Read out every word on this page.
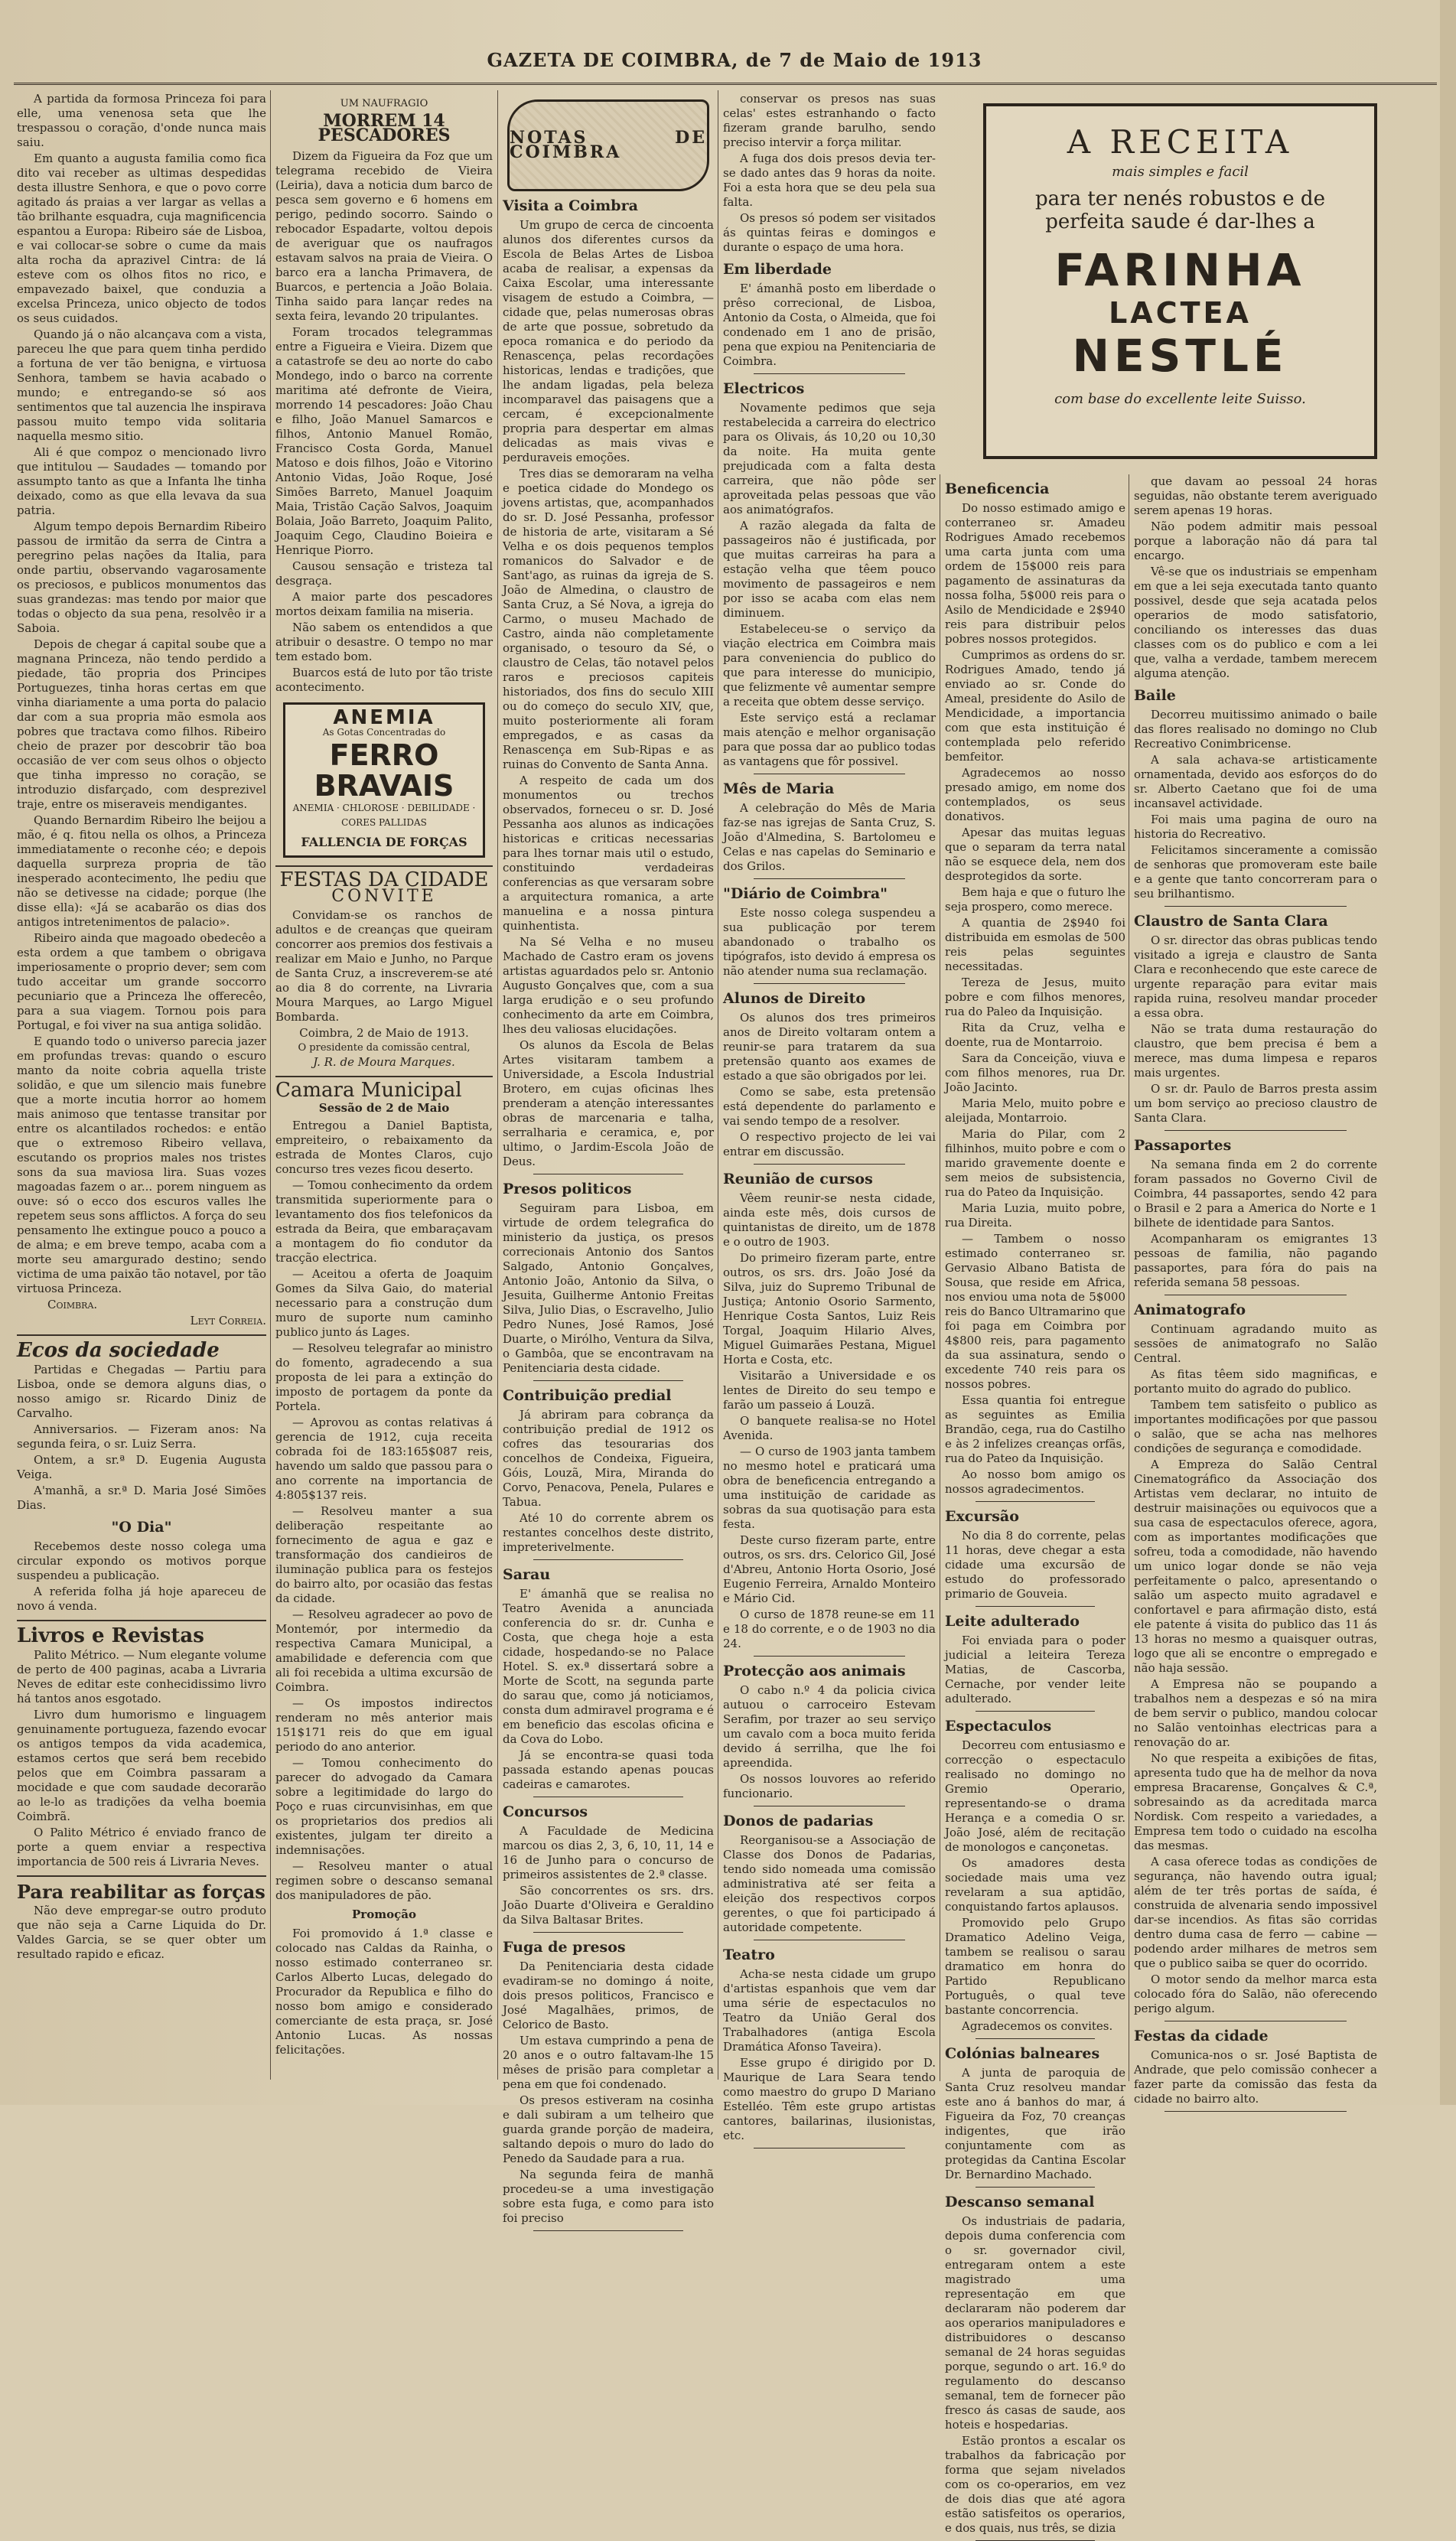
GAZETA DE COIMBRA, de 7 de Maio de 1913

A partida da formosa Princeza foi para elle, uma venenosa seta que lhe trespassou o coração, d'onde nunca mais saiu.

Em quanto a augusta familia como fica dito vai receber as ultimas despedidas desta illustre Senhora, e que o povo corre agitado ás praias a ver largar as vellas a tão brilhante esquadra, cuja magnificencia espantou a Europa: Ribeiro sáe de Lisboa, e vai collocar-se sobre o cume da mais alta rocha da aprazivel Cintra: de lá esteve com os olhos fitos no rico, e empavezado baixel, que conduzia a excelsa Princeza, unico objecto de todos os seus cuidados.

Quando já o não alcançava com a vista, pareceu lhe que para quem tinha perdido a fortuna de ver tão benigna, e virtuosa Senhora, tambem se havia acabado o mundo; e entregando-se só aos sentimentos que tal auzencia lhe inspirava passou muito tempo vida solitaria naquella mesmo sitio.

Ali é que compoz o mencionado livro que intitulou — Saudades — tomando por assumpto tanto as que a Infanta lhe tinha deixado, como as que ella levava da sua patria.

Algum tempo depois Bernardim Ribeiro passou de irmitão da serra de Cintra a peregrino pelas nações da Italia, para onde partiu, observando vagarosamente os preciosos, e publicos monumentos das suas grandezas: mas tendo por maior que todas o objecto da sua pena, resolvêo ir a Saboia.

Depois de chegar á capital soube que a magnana Princeza, não tendo perdido a piedade, tão propria dos Principes Portuguezes, tinha horas certas em que vinha diariamente a uma porta do palacio dar com a sua propria mão esmola aos pobres que tractava como filhos. Ribeiro cheio de prazer por descobrir tão boa occasião de ver com seus olhos o objecto que tinha impresso no coração, se introduzio disfarçado, com desprezivel traje, entre os miseraveis mendigantes.

Quando Bernardim Ribeiro lhe beijou a mão, é q. fitou nella os olhos, a Princeza immediatamente o reconhe céo; e depois daquella surpreza propria de tão inesperado acontecimento, lhe pediu que não se detivesse na cidade; porque (lhe disse ella): «Já se acabarão os dias dos antigos intretenimentos de palacio».

Ribeiro ainda que magoado obedecêo a esta ordem a que tambem o obrigava imperiosamente o proprio dever; sem com tudo acceitar um grande soccorro pecuniario que a Princeza lhe offerecêo, para a sua viagem. Tornou pois para Portugal, e foi viver na sua antiga solidão.

E quando todo o universo parecia jazer em profundas trevas: quando o escuro manto da noite cobria aquella triste solidão, e que um silencio mais funebre que a morte incutia horror ao homem mais animoso que tentasse transitar por entre os alcantilados rochedos: e então que o extremoso Ribeiro vellava, escutando os proprios males nos tristes sons da sua maviosa lira. Suas vozes magoadas fazem o ar... porem ninguem as ouve: só o ecco dos escuros valles lhe repetem seus sons afflictos. A força do seu pensamento lhe extingue pouco a pouco a de alma; e em breve tempo, acaba com a morte seu amargurado destino; sendo victima de uma paixão tão notavel, por tão virtuosa Princeza.

Coimbra.
Leyt Correia.
Ecos da sociedade

Partidas e Chegadas — Partiu para Lisboa, onde se demora alguns dias, o nosso amigo sr. Ricardo Diniz de Carvalho.

Anniversarios. — Fizeram anos: Na segunda feira, o sr. Luiz Serra.

Ontem, a sr.ª D. Eugenia Augusta Veiga.

A'manhã, a sr.ª D. Maria José Simões Dias.

"O Dia"

Recebemos deste nosso colega uma circular expondo os motivos porque suspendeu a publicação.

A referida folha já hoje apareceu de novo á venda.

Livros e Revistas

Palito Métrico. — Num elegante volume de perto de 400 paginas, acaba a Livraria Neves de editar este conhecidissimo livro há tantos anos esgotado.

Livro dum humorismo e linguagem genuinamente portugueza, fazendo evocar os antigos tempos da vida academica, estamos certos que será bem recebido pelos que em Coimbra passaram a mocidade e que com saudade decorarão ao le-lo as tradições da velha boemia Coimbrã.

O Palito Métrico é enviado franco de porte a quem enviar a respectiva importancia de 500 reis á Livraria Neves.

Para reabilitar as forças

Não deve empregar-se outro produto que não seja a Carne Liquida do Dr. Valdes Garcia, se se quer obter um resultado rapido e eficaz.

UM NAUFRAGIO
MORREM 14 PESCADORES

Dizem da Figueira da Foz que um telegrama recebido de Vieira (Leiria), dava a noticia dum barco de pesca sem governo e 6 homens em perigo, pedindo socorro. Saindo o rebocador Espadarte, voltou depois de averiguar que os naufragos estavam salvos na praia de Vieira. O barco era a lancha Primavera, de Buarcos, e pertencia a João Bolaia. Tinha saido para lançar redes na sexta feira, levando 20 tripulantes.

Foram trocados telegrammas entre a Figueira e Vieira. Dizem que a catastrofe se deu ao norte do cabo Mondego, indo o barco na corrente maritima até defronte de Vieira, morrendo 14 pescadores: João Chau e filho, João Manuel Samarcos e filhos, Antonio Manuel Romão, Francisco Costa Gorda, Manuel Matoso e dois filhos, João e Vitorino Antonio Vidas, João Roque, José Simões Barreto, Manuel Joaquim Maia, Tristão Cação Salvos, Joaquim Bolaia, João Barreto, Joaquim Palito, Joaquim Cego, Claudino Boieira e Henrique Piorro.

Causou sensação e tristeza tal desgraça.

A maior parte dos pescadores mortos deixam familia na miseria.

Não sabem os entendidos a que atribuir o desastre. O tempo no mar tem estado bom.

Buarcos está de luto por tão triste acontecimento.

ANEMIA
As Gotas Concentradas do
FERRO BRAVAIS
ANEMIA · CHLOROSE · DEBILIDADE · CORES PALLIDAS
FALLENCIA DE FORÇAS
FESTAS DA CIDADE
CONVITE

Convidam-se os ranchos de adultos e de creanças que queiram concorrer aos premios dos festivais a realizar em Maio e Junho, no Parque de Santa Cruz, a inscreverem-se até ao dia 8 do corrente, na Livraria Moura Marques, ao Largo Miguel Bombarda.

Coimbra, 2 de Maio de 1913.
O presidente da comissão central,
J. R. de Moura Marques.
Camara Municipal
Sessão de 2 de Maio

Entregou a Daniel Baptista, empreiteiro, o rebaixamento da estrada de Montes Claros, cujo concurso tres vezes ficou deserto.

— Tomou conhecimento da ordem transmitida superiormente para o levantamento dos fios telefonicos da estrada da Beira, que embaraçavam a montagem do fio condutor da tracção electrica.

— Aceitou a oferta de Joaquim Gomes da Silva Gaio, do material necessario para a construção dum muro de suporte num caminho publico junto ás Lages.

— Resolveu telegrafar ao ministro do fomento, agradecendo a sua proposta de lei para a extinção do imposto de portagem da ponte da Portela.

— Aprovou as contas relativas á gerencia de 1912, cuja receita cobrada foi de 183:165$087 reis, havendo um saldo que passou para o ano corrente na importancia de 4:805$137 reis.

— Resolveu manter a sua deliberação respeitante ao fornecimento de agua e gaz e transformação dos candieiros de iluminação publica para os festejos do bairro alto, por ocasião das festas da cidade.

— Resolveu agradecer ao povo de Montemór, por intermedio da respectiva Camara Municipal, a amabilidade e deferencia com que ali foi recebida a ultima excursão de Coimbra.

— Os impostos indirectos renderam no mês anterior mais 151$171 reis do que em igual periodo do ano anterior.

— Tomou conhecimento do parecer do advogado da Camara sobre a legitimidade do largo do Poço e ruas circunvisinhas, em que os proprietarios dos predios ali existentes, julgam ter direito a indemnisações.

— Resolveu manter o atual regimen sobre o descanso semanal dos manipuladores de pão.

Promoção

Foi promovido á 1.ª classe e colocado nas Caldas da Rainha, o nosso estimado conterraneo sr. Carlos Alberto Lucas, delegado do Procurador da Republica e filho do nosso bom amigo e considerado comerciante de esta praça, sr. José Antonio Lucas. As nossas felicitações.

NOTAS DE COIMBRA
Visita a Coimbra

Um grupo de cerca de cincoenta alunos dos diferentes cursos da Escola de Belas Artes de Lisboa acaba de realisar, a expensas da Caixa Escolar, uma interessante visagem de estudo a Coimbra, — cidade que, pelas numerosas obras de arte que possue, sobretudo da epoca romanica e do periodo da Renascença, pelas recordações historicas, lendas e tradições, que lhe andam ligadas, pela beleza incomparavel das paisagens que a cercam, é excepcionalmente propria para despertar em almas delicadas as mais vivas e perduraveis emoções.

Tres dias se demoraram na velha e poetica cidade do Mondego os jovens artistas, que, acompanhados do sr. D. José Pessanha, professor de historia de arte, visitaram a Sé Velha e os dois pequenos templos romanicos do Salvador e de Sant'ago, as ruinas da igreja de S. João de Almedina, o claustro de Santa Cruz, a Sé Nova, a igreja do Carmo, o museu Machado de Castro, ainda não completamente organisado, o tesouro da Sé, o claustro de Celas, tão notavel pelos raros e preciosos capiteis historiados, dos fins do seculo XIII ou do começo do seculo XIV, que, muito posteriormente ali foram empregados, e as casas da Renascença em Sub-Ripas e as ruinas do Convento de Santa Anna.

A respeito de cada um dos monumentos ou trechos observados, forneceu o sr. D. José Pessanha aos alunos as indicações historicas e criticas necessarias para lhes tornar mais util o estudo, constituindo verdadeiras conferencias as que versaram sobre a arquitectura romanica, a arte manuelina e a nossa pintura quinhentista.

Na Sé Velha e no museu Machado de Castro eram os jovens artistas aguardados pelo sr. Antonio Augusto Gonçalves que, com a sua larga erudição e o seu profundo conhecimento da arte em Coimbra, lhes deu valiosas elucidações.

Os alunos da Escola de Belas Artes visitaram tambem a Universidade, a Escola Industrial Brotero, em cujas oficinas lhes prenderam a atenção interessantes obras de marcenaria e talha, serralharia e ceramica, e, por ultimo, o Jardim-Escola João de Deus.

Presos politicos

Seguiram para Lisboa, em virtude de ordem telegrafica do ministerio da justiça, os presos correcionais Antonio dos Santos Salgado, Antonio Gonçalves, Antonio João, Antonio da Silva, o Jesuita, Guilherme Antonio Freitas Silva, Julio Dias, o Escravelho, Julio Pedro Nunes, José Ramos, José Duarte, o Mirólho, Ventura da Silva, o Gambôa, que se encontravam na Penitenciaria desta cidade.

Contribuição predial

Já abriram para cobrança da contribuição predial de 1912 os cofres das tesourarias dos concelhos de Condeixa, Figueira, Góis, Louzã, Mira, Miranda do Corvo, Penacova, Penela, Pulares e Tabua.

Até 10 do corrente abrem os restantes concelhos deste distrito, impreterivelmente.

Sarau

E' ámanhã que se realisa no Teatro Avenida a anunciada conferencia do sr. dr. Cunha e Costa, que chega hoje a esta cidade, hospedando-se no Palace Hotel. S. ex.ª dissertará sobre a Morte de Scott, na segunda parte do sarau que, como já noticiamos, consta dum admiravel programa e é em beneficio das escolas oficina e da Cova do Lobo.

Já se encontra-se quasi toda passada estando apenas poucas cadeiras e camarotes.

Concursos

A Faculdade de Medicina marcou os dias 2, 3, 6, 10, 11, 14 e 16 de Junho para o concurso de primeiros assistentes de 2.ª classe.

São concorrentes os srs. drs. João Duarte d'Oliveira e Geraldino da Silva Baltasar Brites.

Fuga de presos

Da Penitenciaria desta cidade evadiram-se no domingo á noite, dois presos politicos, Francisco e José Magalhães, primos, de Celorico de Basto.

Um estava cumprindo a pena de 20 anos e o outro faltavam-lhe 15 mêses de prisão para completar a pena em que foi condenado.

Os presos estiveram na cosinha e dali subiram a um telheiro que guarda grande porção de madeira, saltando depois o muro do lado do Penedo da Saudade para a rua.

Na segunda feira de manhã procedeu-se a uma investigação sobre esta fuga, e como para isto foi preciso

conservar os presos nas suas celas' estes estranhando o facto fizeram grande barulho, sendo preciso intervir a força militar.

A fuga dos dois presos devia ter-se dado antes das 9 horas da noite. Foi a esta hora que se deu pela sua falta.

Os presos só podem ser visitados ás quintas feiras e domingos e durante o espaço de uma hora.

Em liberdade

E' ámanhã posto em liberdade o prêso correcional, de Lisboa, Antonio da Costa, o Almeida, que foi condenado em 1 ano de prisão, pena que expiou na Penitenciaria de Coimbra.

Electricos

Novamente pedimos que seja restabelecida a carreira do electrico para os Olivais, ás 10,20 ou 10,30 da noite. Ha muita gente prejudicada com a falta desta carreira, que não pôde ser aproveitada pelas pessoas que vão aos animatógrafos.

A razão alegada da falta de passageiros não é justificada, por que muitas carreiras ha para a estação velha que têem pouco movimento de passageiros e nem por isso se acaba com elas nem diminuem.

Estabeleceu-se o serviço da viação electrica em Coimbra mais para conveniencia do publico do que para interesse do municipio, que felizmente vê aumentar sempre a receita que obtem desse serviço.

Este serviço está a reclamar mais atenção e melhor organisação para que possa dar ao publico todas as vantagens que fôr possivel.

Mês de Maria

A celebração do Mês de Maria faz-se nas igrejas de Santa Cruz, S. João d'Almedina, S. Bartolomeu e Celas e nas capelas do Seminario e dos Grilos.

"Diário de Coimbra"

Este nosso colega suspendeu a sua publicação por terem abandonado o trabalho os tipógrafos, isto devido á empresa os não atender numa sua reclamação.

Alunos de Direito

Os alunos dos tres primeiros anos de Direito voltaram ontem a reunir-se para tratarem da sua pretensão quanto aos exames de estado a que são obrigados por lei.

Como se sabe, esta pretensão está dependente do parlamento e vai sendo tempo de a resolver.

O respectivo projecto de lei vai entrar em discussão.

Reunião de cursos

Vêem reunir-se nesta cidade, ainda este mês, dois cursos de quintanistas de direito, um de 1878 e o outro de 1903.

Do primeiro fizeram parte, entre outros, os srs. drs. João José da Silva, juiz do Supremo Tribunal de Justiça; Antonio Osorio Sarmento, Henrique Costa Santos, Luiz Reis Torgal, Joaquim Hilario Alves, Miguel Guimarães Pestana, Miguel Horta e Costa, etc.

Visitarão a Universidade e os lentes de Direito do seu tempo e farão um passeio á Louzã.

O banquete realisa-se no Hotel Avenida.

— O curso de 1903 janta tambem no mesmo hotel e praticará uma obra de beneficencia entregando a uma instituição de caridade as sobras da sua quotisação para esta festa.

Deste curso fizeram parte, entre outros, os srs. drs. Celorico Gil, José d'Abreu, Antonio Horta Osorio, José Eugenio Ferreira, Arnaldo Monteiro e Mário Cid.

O curso de 1878 reune-se em 11 e 18 do corrente, e o de 1903 no dia 24.

Protecção aos animais

O cabo n.º 4 da policia civica autuou o carroceiro Estevam Serafim, por trazer ao seu serviço um cavalo com a boca muito ferida devido á serrilha, que lhe foi apreendida.

Os nossos louvores ao referido funcionario.

Donos de padarias

Reorganisou-se a Associação de Classe dos Donos de Padarias, tendo sido nomeada uma comissão administrativa até ser feita a eleição dos respectivos corpos gerentes, o que foi participado á autoridade competente.

Teatro

Acha-se nesta cidade um grupo d'artistas espanhois que vem dar uma série de espectaculos no Teatro da União Geral dos Trabalhadores (antiga Escola Dramática Afonso Taveira).

Esse grupo é dirigido por D. Maurique de Lara Seara tendo como maestro do grupo D Mariano Estelléo. Têm este grupo artistas cantores, bailarinas, ilusionistas, etc.

A RECEITA
mais simples e facil
para ter nenés robustos e de perfeita saude é dar-lhes a
FARINHA
LACTEA
NESTLÉ
com base do excellente leite Suisso.
Beneficencia

Do nosso estimado amigo e conterraneo sr. Amadeu Rodrigues Amado recebemos uma carta junta com uma ordem de 15$000 reis para pagamento de assinaturas da nossa folha, 5$000 reis para o Asilo de Mendicidade e 2$940 reis para distribuir pelos pobres nossos protegidos.

Cumprimos as ordens do sr. Rodrigues Amado, tendo já enviado ao sr. Conde do Ameal, presidente do Asilo de Mendicidade, a importancia com que esta instituição é contemplada pelo referido bemfeitor.

Agradecemos ao nosso presado amigo, em nome dos contemplados, os seus donativos.

Apesar das muitas leguas que o separam da terra natal não se esquece dela, nem dos desprotegidos da sorte.

Bem haja e que o futuro lhe seja prospero, como merece.

A quantia de 2$940 foi distribuida em esmolas de 500 reis pelas seguintes necessitadas.

Tereza de Jesus, muito pobre e com filhos menores, rua do Paleo da Inquisição.

Rita da Cruz, velha e doente, rua de Montarroio.

Sara da Conceição, viuva e com filhos menores, rua Dr. João Jacinto.

Maria Melo, muito pobre e aleijada, Montarroio.

Maria do Pilar, com 2 filhinhos, muito pobre e com o marido gravemente doente e sem meios de subsistencia, rua do Pateo da Inquisição.

Maria Luzia, muito pobre, rua Direita.

— Tambem o nosso estimado conterraneo sr. Gervasio Albano Batista de Sousa, que reside em Africa, nos enviou uma nota de 5$000 reis do Banco Ultramarino que foi paga em Coimbra por 4$800 reis, para pagamento da sua assinatura, sendo o excedente 740 reis para os nossos pobres.

Essa quantia foi entregue as seguintes as Emilia Brandão, cega, rua do Castilho e às 2 infelizes creanças orfãs, rua do Pateo da Inquisição.

Ao nosso bom amigo os nossos agradecimentos.

Excursão

No dia 8 do corrente, pelas 11 horas, deve chegar a esta cidade uma excursão de estudo do professorado primario de Gouveia.

Leite adulterado

Foi enviada para o poder judicial a leiteira Tereza Matias, de Cascorba, Cernache, por vender leite adulterado.

Espectaculos

Decorreu com entusiasmo e correcção o espectaculo realisado no domingo no Gremio Operario, representando-se o drama Herança e a comedia O sr. João José, além de recitação de monologos e cançonetas.

Os amadores desta sociedade mais uma vez revelaram a sua aptidão, conquistando fartos aplausos.

Promovido pelo Grupo Dramatico Adelino Veiga, tambem se realisou o sarau dramatico em honra do Partido Republicano Português, o qual teve bastante concorrencia.

Agradecemos os convites.

Colónias balneares

A junta de paroquia de Santa Cruz resolveu mandar este ano á banhos do mar, á Figueira da Foz, 70 creanças indigentes, que irão conjuntamente com as protegidas da Cantina Escolar Dr. Bernardino Machado.

Descanso semanal

Os industriais de padaria, depois duma conferencia com o sr. governador civil, entregaram ontem a este magistrado uma representação em que declararam não poderem dar aos operarios manipuladores e distribuidores o descanso semanal de 24 horas seguidas porque, segundo o art. 16.º do regulamento do descanso semanal, tem de fornecer pão fresco ás casas de saude, aos hoteis e hospedarias.

Estão prontos a escalar os trabalhos da fabricação por forma que sejam nivelados com os co-operarios, em vez de dois dias que até agora estão satisfeitos os operarios, e dos quais, nus três, se dizia

que davam ao pessoal 24 horas seguidas, não obstante terem averiguado serem apenas 19 horas.

Não podem admitir mais pessoal porque a laboração não dá para tal encargo.

Vê-se que os industriais se empenham em que a lei seja executada tanto quanto possivel, desde que seja acatada pelos operarios de modo satisfatorio, conciliando os interesses das duas classes com os do publico e com a lei que, valha a verdade, tambem merecem alguma atenção.

Baile

Decorreu muitissimo animado o baile das flores realisado no domingo no Club Recreativo Conimbricense.

A sala achava-se artisticamente ornamentada, devido aos esforços do do sr. Alberto Caetano que foi de uma incansavel actividade.

Foi mais uma pagina de ouro na historia do Recreativo.

Felicitamos sinceramente a comissão de senhoras que promoveram este baile e a gente que tanto concorreram para o seu brilhantismo.

Claustro de Santa Clara

O sr. director das obras publicas tendo visitado a igreja e claustro de Santa Clara e reconhecendo que este carece de urgente reparação para evitar mais rapida ruina, resolveu mandar proceder a essa obra.

Não se trata duma restauração do claustro, que bem precisa é bem a merece, mas duma limpesa e reparos mais urgentes.

O sr. dr. Paulo de Barros presta assim um bom serviço ao precioso claustro de Santa Clara.

Passaportes

Na semana finda em 2 do corrente foram passados no Governo Civil de Coimbra, 44 passaportes, sendo 42 para o Brasil e 2 para a America do Norte e 1 bilhete de identidade para Santos.

Acompanharam os emigrantes 13 pessoas de familia, não pagando passaportes, para fóra do pais na referida semana 58 pessoas.

Animatografo

Continuam agradando muito as sessões de animatografo no Salão Central.

As fitas têem sido magnificas, e portanto muito do agrado do publico.

Tambem tem satisfeito o publico as importantes modificações por que passou o salão, que se acha nas melhores condições de segurança e comodidade.

A Empreza do Salão Central Cinematográfico da Associação dos Artistas vem declarar, no intuito de destruir maisinações ou equivocos que a sua casa de espectaculos oferece, agora, com as importantes modificações que sofreu, toda a comodidade, não havendo um unico logar donde se não veja perfeitamente o palco, apresentando o salão um aspecto muito agradavel e confortavel e para afirmação disto, está ele patente á visita do publico das 11 ás 13 horas no mesmo a quaisquer outras, logo que ali se encontre o empregado e não haja sessão.

A Empresa não se poupando a trabalhos nem a despezas e só na mira de bem servir o publico, mandou colocar no Salão ventoinhas electricas para a renovação do ar.

No que respeita a exibições de fitas, apresenta tudo que ha de melhor da nova empresa Bracarense, Gonçalves & C.ª, sobresaindo as da acreditada marca Nordisk. Com respeito a variedades, a Empresa tem todo o cuidado na escolha das mesmas.

A casa oferece todas as condições de segurança, não havendo outra igual; além de ter três portas de saída, é construida de alvenaria sendo impossivel dar-se incendios. As fitas são corridas dentro duma casa de ferro — cabine — podendo arder milhares de metros sem que o publico saiba se quer do ocorrido.

O motor sendo da melhor marca esta colocado fóra do Salão, não oferecendo perigo algum.

Festas da cidade

Comunica-nos o sr. José Baptista de Andrade, que pelo comissão conhecer a fazer parte da comissão das festa da cidade no bairro alto.
